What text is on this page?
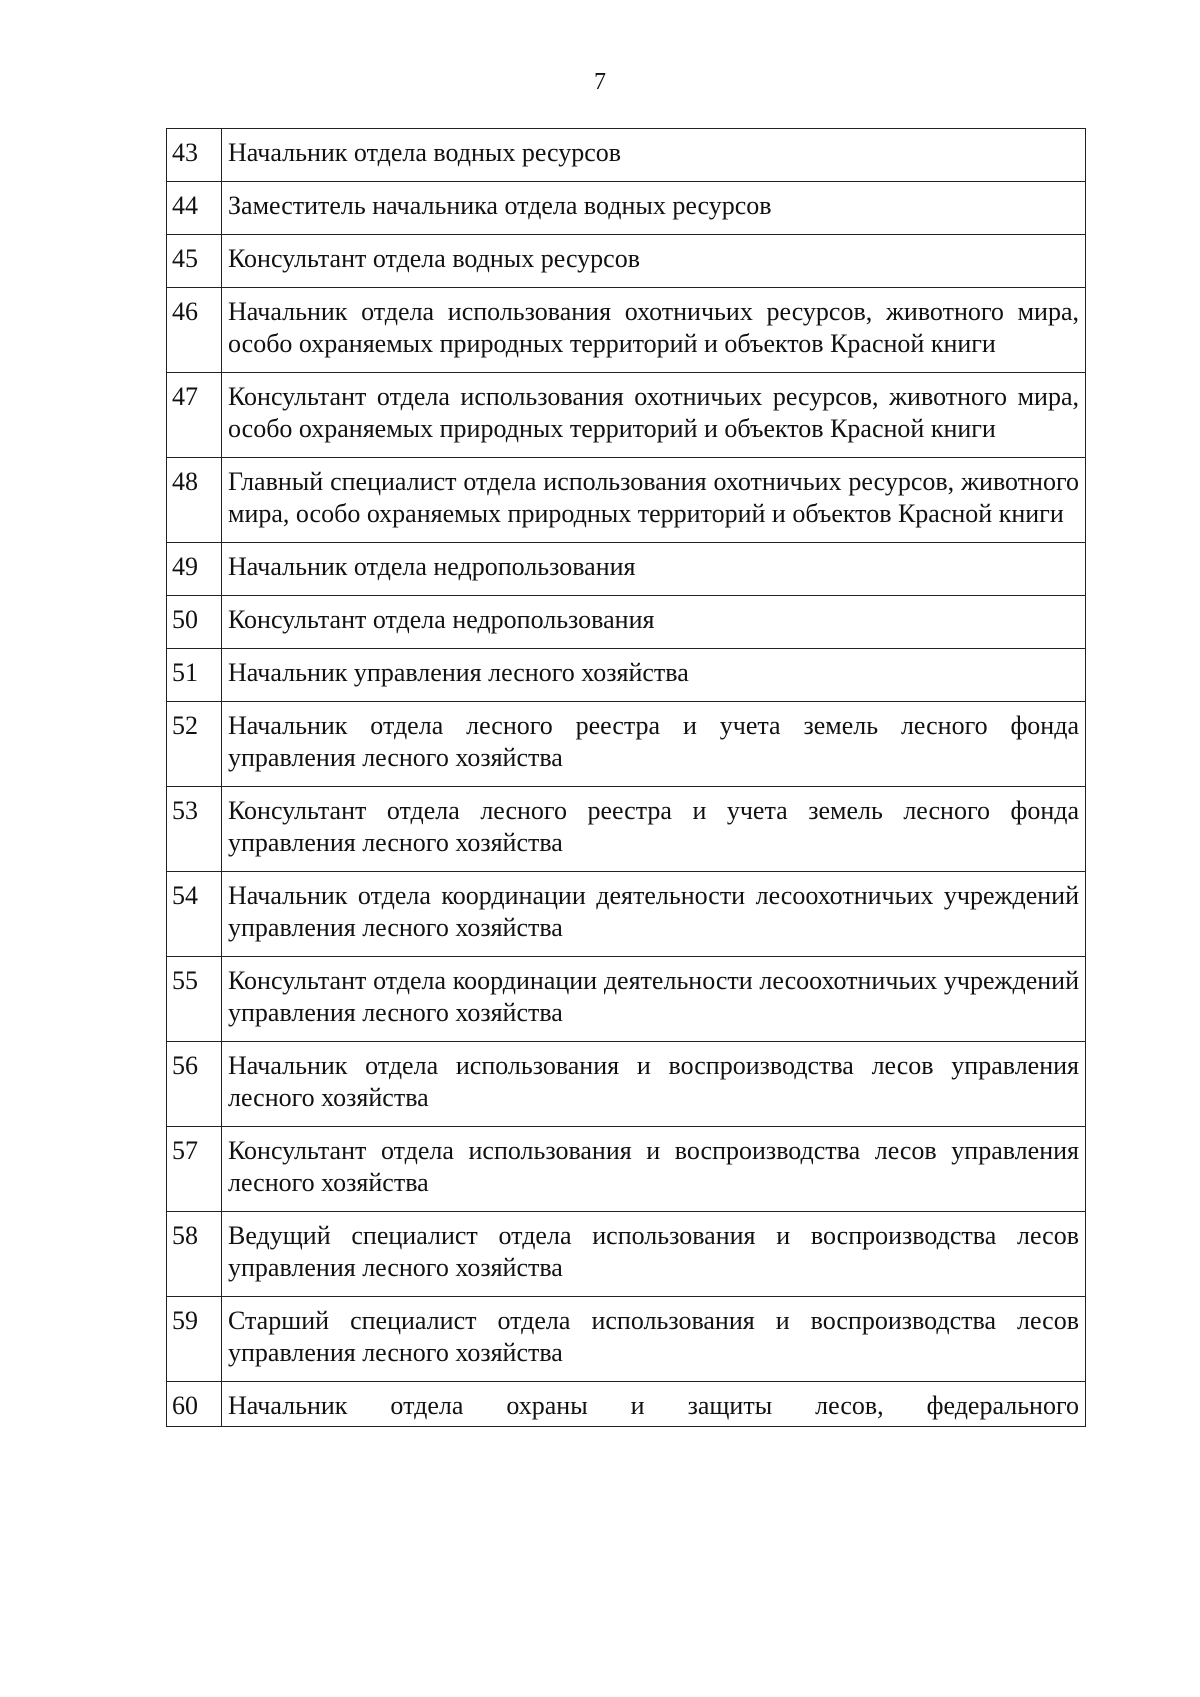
7
43	Начальник отдела водных ресурсов
44	Заместитель начальника отдела водных ресурсов
45	Консультант отдела водных ресурсов
46	Начальник отдела использования охотничьих ресурсов, животного мира, особо охраняемых природных территорий и объектов Красной книги
47	Консультант отдела использования охотничьих ресурсов, животного мира, особо охраняемых природных территорий и объектов Красной книги
48	Главный специалист отдела использования охотничьих ресурсов, животного мира, особо охраняемых природных территорий и объектов Красной книги
49	Начальник отдела недропользования
50	Консультант отдела недропользования
51	Начальник управления лесного хозяйства
52	Начальник отдела лесного реестра и учета земель лесного фонда управления лесного хозяйства
53	Консультант отдела лесного реестра и учета земель лесного фонда управления лесного хозяйства
54	Начальник отдела координации деятельности лесоохотничьих учреждений управления лесного хозяйства
55	Консультант отдела координации деятельности лесоохотничьих учреждений управления лесного хозяйства
56	Начальник отдела использования и воспроизводства лесов управления лесного хозяйства
57	Консультант отдела использования и воспроизводства лесов управления лесного хозяйства
58	Ведущий специалист отдела использования и воспроизводства лесов управления лесного хозяйства
59	Старший специалист отдела использования и воспроизводства лесов управления лесного хозяйства
60	Начальник отдела охраны и защиты лесов, федерального
